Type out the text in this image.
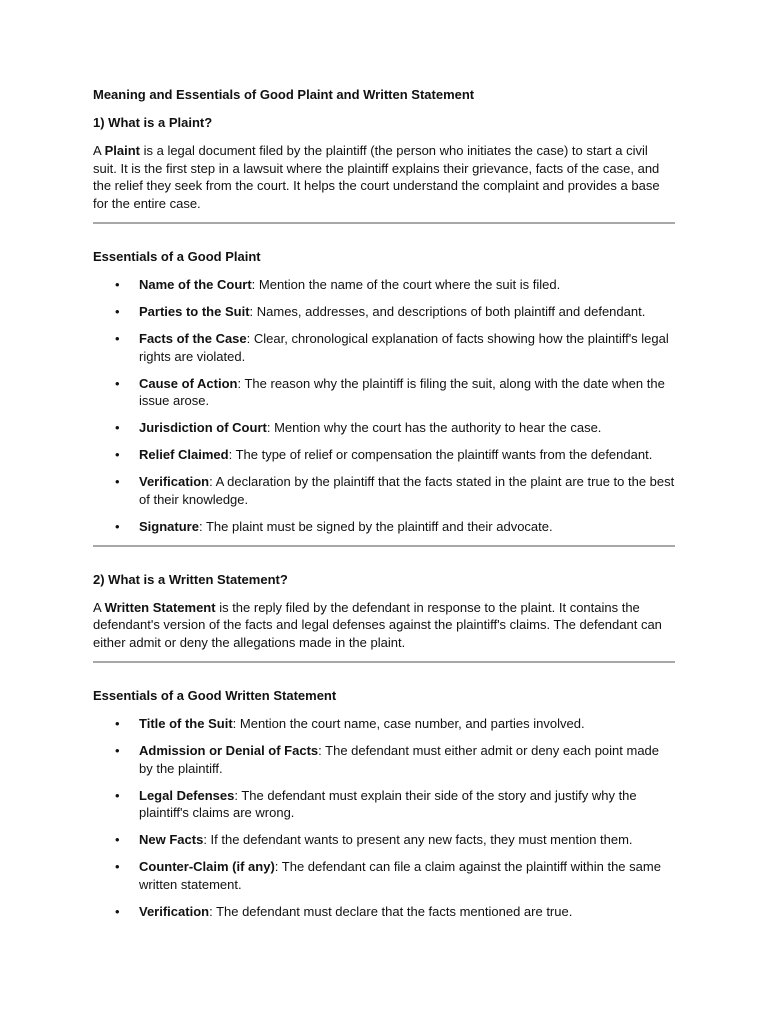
Meaning and Essentials of Good Plaint and Written Statement
1) What is a Plaint?

A Plaint is a legal document filed by the plaintiff (the person who initiates the case) to start a civil suit. It is the first step in a lawsuit where the plaintiff explains their grievance, facts of the case, and the relief they seek from the court. It helps the court understand the complaint and provides a base for the entire case.

Essentials of a Good Plaint
• Name of the Court: Mention the name of the court where the suit is filed.
• Parties to the Suit: Names, addresses, and descriptions of both plaintiff and defendant.
• Facts of the Case: Clear, chronological explanation of facts showing how the plaintiff's legal rights are violated.
• Cause of Action: The reason why the plaintiff is filing the suit, along with the date when the issue arose.
• Jurisdiction of Court: Mention why the court has the authority to hear the case.
• Relief Claimed: The type of relief or compensation the plaintiff wants from the defendant.
• Verification: A declaration by the plaintiff that the facts stated in the plaint are true to the best of their knowledge.
• Signature: The plaint must be signed by the plaintiff and their advocate.
2) What is a Written Statement?

A Written Statement is the reply filed by the defendant in response to the plaint. It contains the defendant's version of the facts and legal defenses against the plaintiff's claims. The defendant can either admit or deny the allegations made in the plaint.

Essentials of a Good Written Statement
• Title of the Suit: Mention the court name, case number, and parties involved.
• Admission or Denial of Facts: The defendant must either admit or deny each point made by the plaintiff.
• Legal Defenses: The defendant must explain their side of the story and justify why the plaintiff's claims are wrong.
• New Facts: If the defendant wants to present any new facts, they must mention them.
• Counter-Claim (if any): The defendant can file a claim against the plaintiff within the same written statement.
• Verification: The defendant must declare that the facts mentioned are true.
